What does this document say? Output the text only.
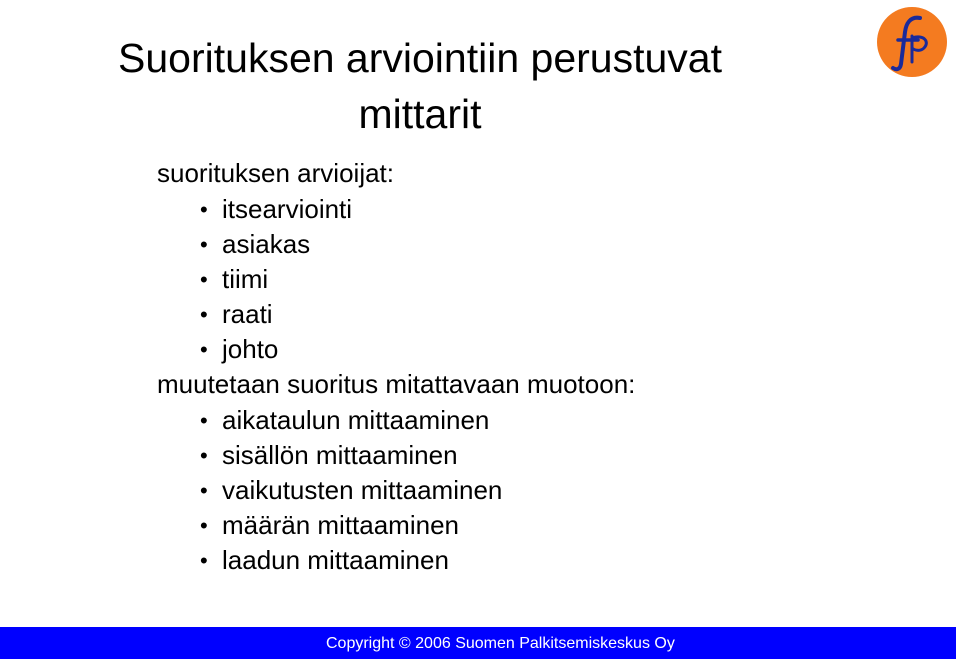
Suorituksen arviointiin perustuvat mittarit
suorituksen arvioijat:
• itsearviointi
• asiakas
• tiimi
• raati
• johto
muutetaan suoritus mitattavaan muotoon:
• aikataulun mittaaminen
• sisällön mittaaminen
• vaikutusten mittaaminen
• määrän mittaaminen
• laadun mittaaminen
Copyright © 2006 Suomen Palkitsemiskeskus Oy
